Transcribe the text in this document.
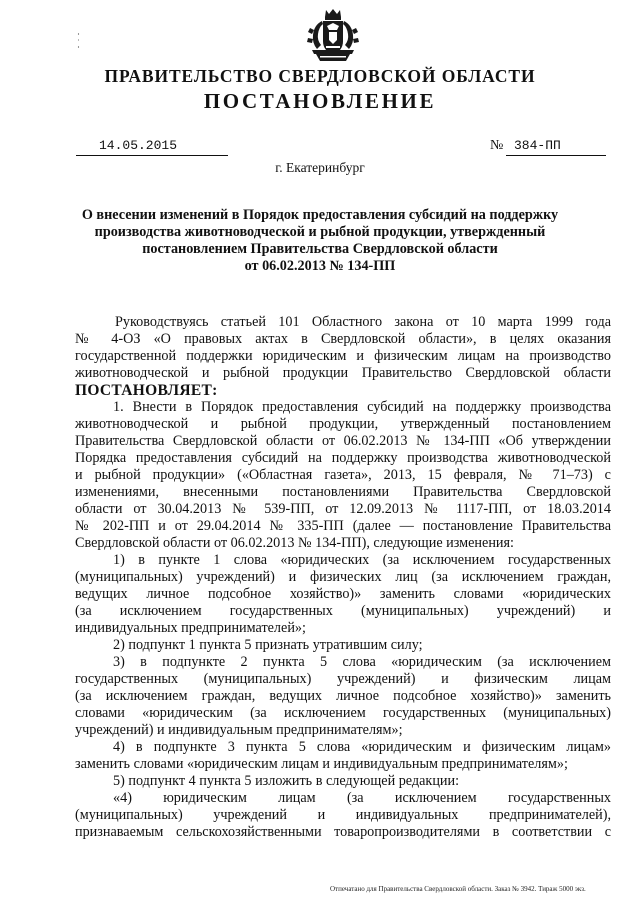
ПРАВИТЕЛЬСТВО СВЕРДЛОВСКОЙ ОБЛАСТИ
ПОСТАНОВЛЕНИЕ
14.05.2015	№ 384-ПП
г. Екатеринбург
О внесении изменений в Порядок предоставления субсидий на поддержку
производства животноводческой и рыбной продукции, утвержденный
постановлением Правительства Свердловской области
от 06.02.2013 № 134-ПП
Руководствуясь статьей 101 Областного закона от 10 марта 1999 года
№ 4-ОЗ «О правовых актах в Свердловской области», в целях оказания
государственной поддержки юридическим и физическим лицам на производство
животноводческой и рыбной продукции Правительство Свердловской области
ПОСТАНОВЛЯЕТ:
1. Внести в Порядок предоставления субсидий на поддержку производства
животноводческой и рыбной продукции, утвержденный постановлением
Правительства Свердловской области от 06.02.2013 № 134-ПП «Об утверждении
Порядка предоставления субсидий на поддержку производства животноводческой
и рыбной продукции» («Областная газета», 2013, 15 февраля, № 71–73) с
изменениями, внесенными постановлениями Правительства Свердловской
области от 30.04.2013 № 539-ПП, от 12.09.2013 № 1117-ПП, от 18.03.2014
№ 202-ПП и от 29.04.2014 № 335-ПП (далее — постановление Правительства
Свердловской области от 06.02.2013 № 134-ПП), следующие изменения:
1) в пункте 1 слова «юридических (за исключением государственных
(муниципальных) учреждений) и физических лиц (за исключением граждан,
ведущих личное подсобное хозяйство)» заменить словами «юридических
(за исключением государственных (муниципальных) учреждений) и
индивидуальных предпринимателей»;
2) подпункт 1 пункта 5 признать утратившим силу;
3) в подпункте 2 пункта 5 слова «юридическим (за исключением
государственных (муниципальных) учреждений) и физическим лицам
(за исключением граждан, ведущих личное подсобное хозяйство)» заменить
словами «юридическим (за исключением государственных (муниципальных)
учреждений) и индивидуальным предпринимателям»;
4) в подпункте 3 пункта 5 слова «юридическим и физическим лицам»
заменить словами «юридическим лицам и индивидуальным предпринимателям»;
5) подпункт 4 пункта 5 изложить в следующей редакции:
«4) юридическим лицам (за исключением государственных
(муниципальных) учреждений и индивидуальных предпринимателей),
признаваемым сельскохозяйственными товаропроизводителями в соответствии с
Отпечатано для Правительства Свердловской области. Заказ № 3942. Тираж 5000 экз.
